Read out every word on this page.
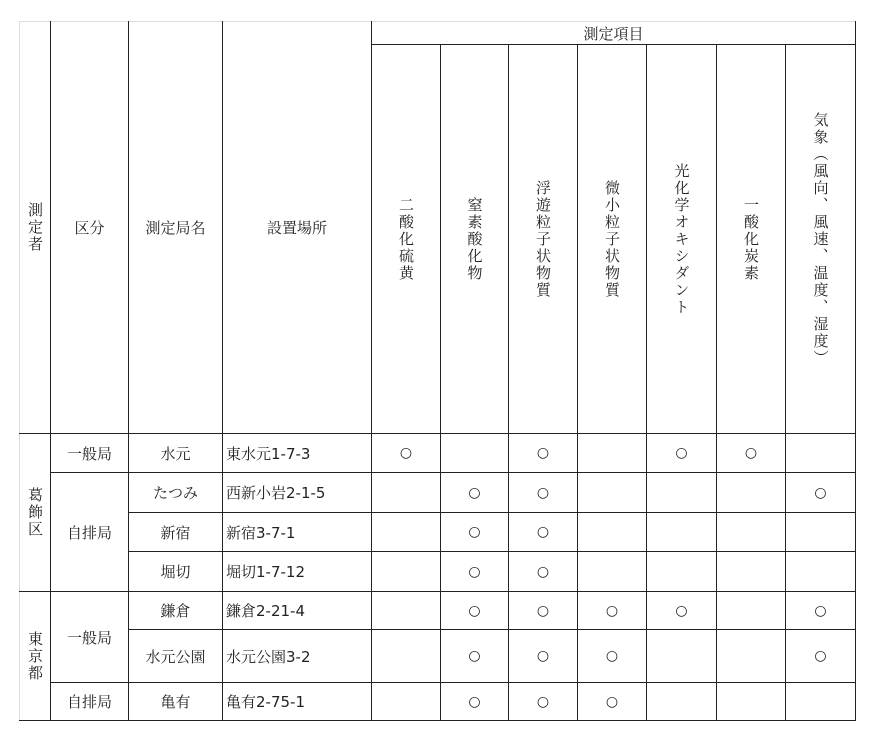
測定者	区分	測定局名	設置場所	測定項目						

				二酸化硫黄	窒素酸化物	浮遊粒子状物質	微小粒子状物質	光化学オキシダント	一酸化炭素	気象（風向、風速、温度、湿度）

葛飾区	一般局	水元	東水元1-7-3	○		○		○	○	
	自排局	たつみ	西新小岩2-1-5		○	○				○
		新宿	新宿3-7-1		○	○				
		堀切	堀切1-7-12		○	○				

東京都	一般局	鎌倉	鎌倉2-21-4		○	○	○	○		○
		水元公園	水元公園3-2		○	○	○			○
	自排局	亀有	亀有2-75-1		○	○	○			
